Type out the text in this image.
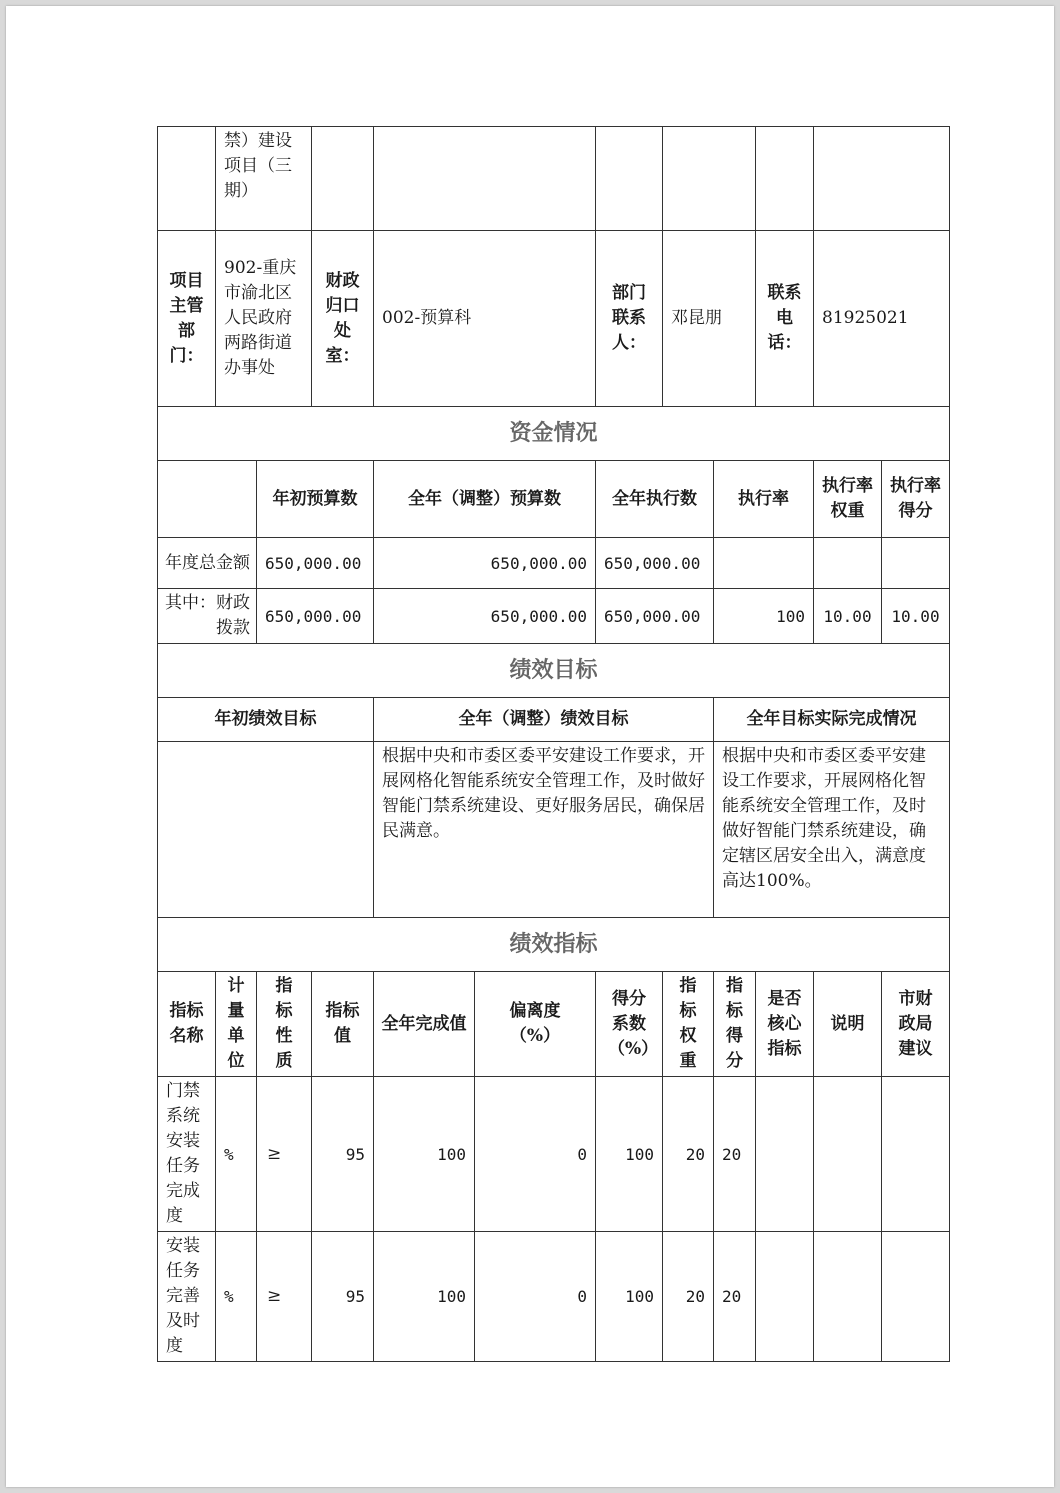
	禁）建设项目（三期）										
项目主管部门：	902-重庆市渝北区人民政府两路街道办事处		财政归口处室：	002-预算科		部门联系人：	邓昆朋		联系电话：	81925021	
资金情况											
		年初预算数		全年（调整）预算数		全年执行数		执行率		执行率权重	执行率得分
年度总金额		650,000.00		650,000.00		650,000.00					
其中：财政拨款		650,000.00		650,000.00		650,000.00		100		10.00	10.00
绩效目标											
年初绩效目标				全年（调整）绩效目标				全年目标实际完成情况			
				根据中央和市委区委平安建设工作要求，开展网格化智能系统安全管理工作，及时做好智能门禁系统建设、更好服务居民，确保居民满意。				根据中央和市委区委平安建设工作要求，开展网格化智能系统安全管理工作，及时做好智能门禁系统建设，确定辖区居安全出入，满意度高达100%。			
绩效指标											
指标名称	计量单位	指标性质	指标值	全年完成值	偏离度（%）	得分系数（%）	指标权重	指标得分	是否核心指标	说明	市财政局建议
门禁系统安装任务完成度	%	≥	95	100	0	100	20	20			
安装任务完善及时度	%	≥	95	100	0	100	20	20			
